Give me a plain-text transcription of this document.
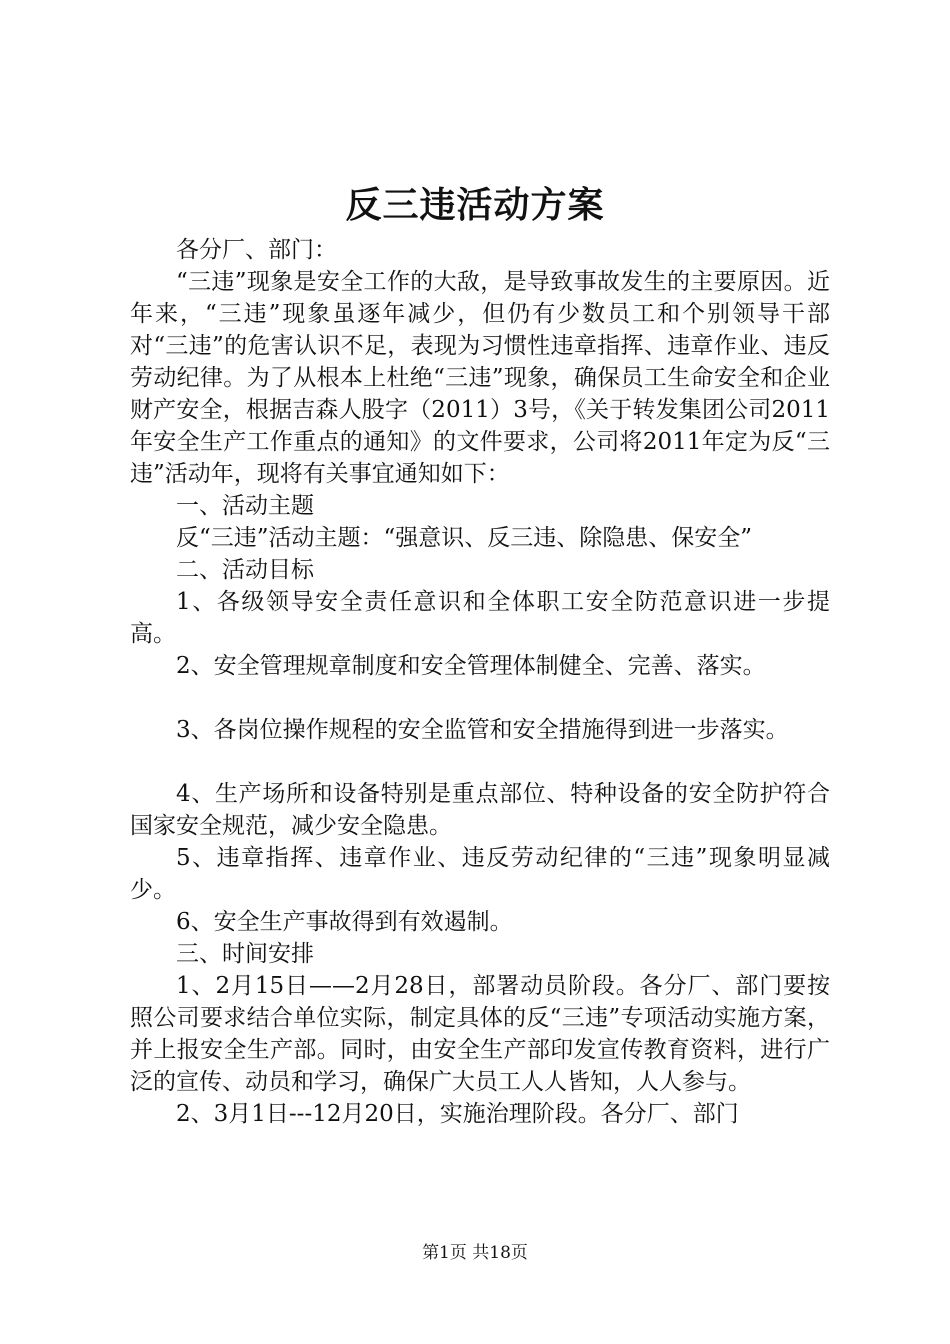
反三违活动方案

各分厂、部门：

“三违”现象是安全工作的大敌，是导致事故发生的主要原因。近年来，“三违”现象虽逐年减少，但仍有少数员工和个别领导干部对“三违”的危害认识不足，表现为习惯性违章指挥、违章作业、违反劳动纪律。为了从根本上杜绝“三违”现象，确保员工生命安全和企业财产安全，根据吉森人股字（2011）3号，《关于转发集团公司2011年安全生产工作重点的通知》的文件要求，公司将2011年定为反“三违”活动年，现将有关事宜通知如下：

一、活动主题

反“三违”活动主题：“强意识、反三违、除隐患、保安全”

二、活动目标

1、各级领导安全责任意识和全体职工安全防范意识进一步提高。

2、安全管理规章制度和安全管理体制健全、完善、落实。

3、各岗位操作规程的安全监管和安全措施得到进一步落实。

4、生产场所和设备特别是重点部位、特种设备的安全防护符合国家安全规范，减少安全隐患。

5、违章指挥、违章作业、违反劳动纪律的“三违”现象明显减少。

6、安全生产事故得到有效遏制。

三、时间安排

1、2月15日——2月28日，部署动员阶段。各分厂、部门要按照公司要求结合单位实际，制定具体的反“三违”专项活动实施方案，并上报安全生产部。同时，由安全生产部印发宣传教育资料，进行广泛的宣传、动员和学习，确保广大员工人人皆知，人人参与。

2、3月1日---12月20日，实施治理阶段。各分厂、部门

第1页 共18页
